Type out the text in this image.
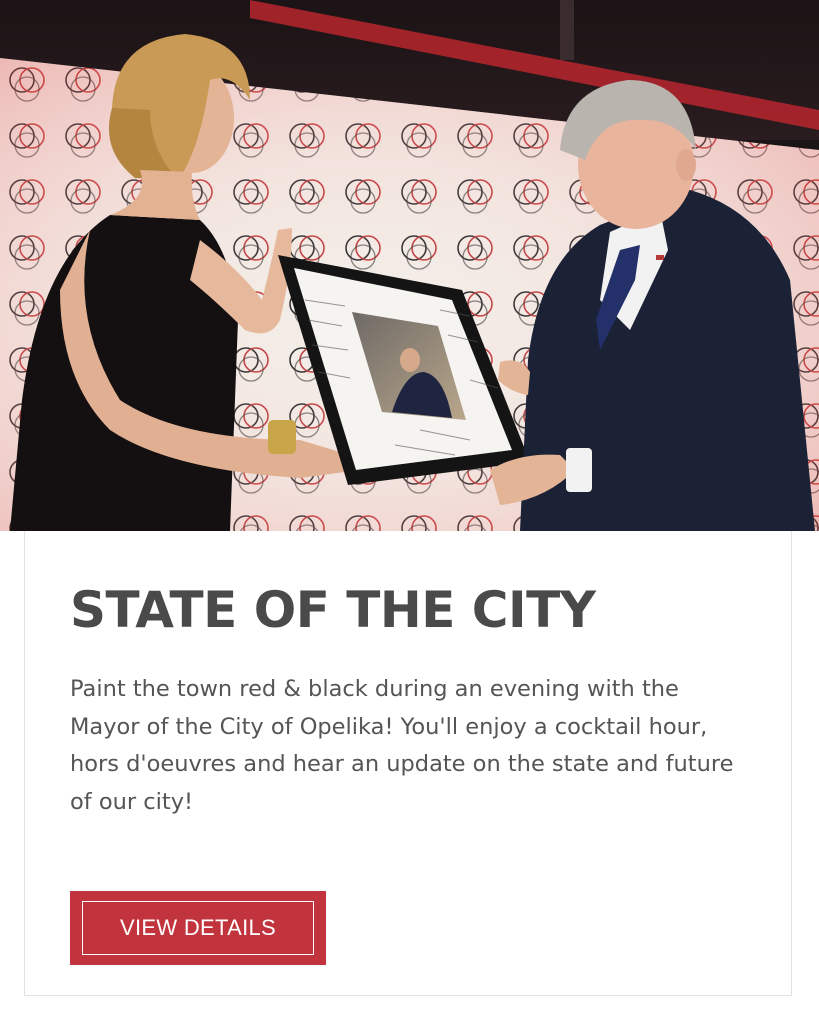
STATE OF THE CITY

Paint the town red & black during an evening with the Mayor of the City of Opelika! You'll enjoy a cocktail hour, hors d'oeuvres and hear an update on the state and future of our city!

VIEW DETAILS
